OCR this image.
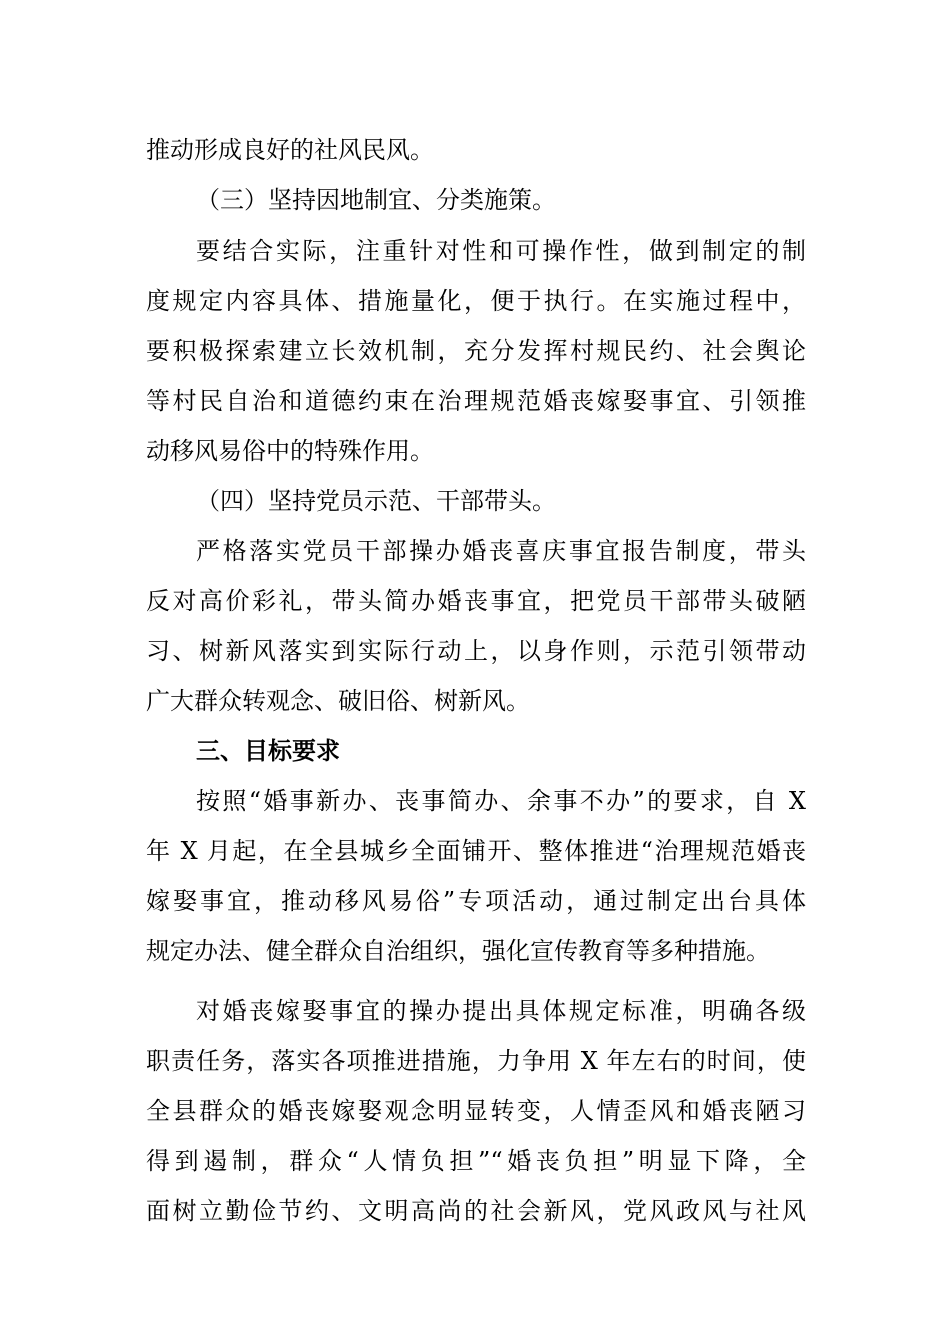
推动形成良好的社风民风。
（三）坚持因地制宜、分类施策。
要结合实际，注重针对性和可操作性，做到制定的制
度规定内容具体、措施量化，便于执行。在实施过程中，
要积极探索建立长效机制，充分发挥村规民约、社会舆论
等村民自治和道德约束在治理规范婚丧嫁娶事宜、引领推
动移风易俗中的特殊作用。
（四）坚持党员示范、干部带头。
严格落实党员干部操办婚丧喜庆事宜报告制度，带头
反对高价彩礼，带头简办婚丧事宜，把党员干部带头破陋
习、树新风落实到实际行动上，以身作则，示范引领带动
广大群众转观念、破旧俗、树新风。
三、目标要求
按照“婚事新办、丧事简办、余事不办”的要求，自 X
年 X 月起，在全县城乡全面铺开、整体推进“治理规范婚丧
嫁娶事宜，推动移风易俗”专项活动，通过制定出台具体
规定办法、健全群众自治组织，强化宣传教育等多种措施。
对婚丧嫁娶事宜的操办提出具体规定标准，明确各级
职责任务，落实各项推进措施，力争用 X 年左右的时间，使
全县群众的婚丧嫁娶观念明显转变，人情歪风和婚丧陋习
得到遏制，群众“人情负担”“婚丧负担”明显下降，全
面树立勤俭节约、文明高尚的社会新风，党风政风与社风
